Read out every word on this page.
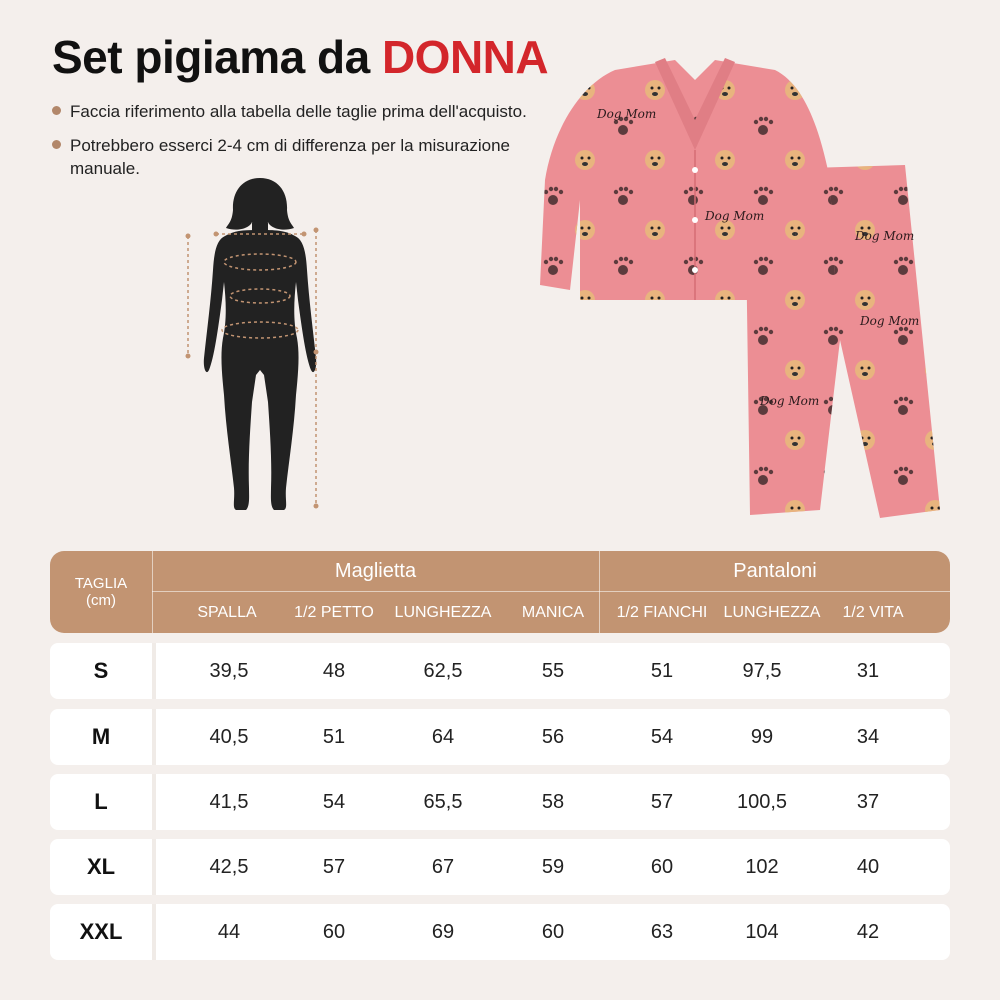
Set pigiama da DONNA
Faccia riferimento alla tabella delle taglie prima dell'acquisto.
Potrebbero esserci 2-4 cm di differenza per la misurazione
manuale.
Dog Mom
Dog Mom
Dog Mom
Dog Mom
Dog Mom
TAGLIA
(cm)
Maglietta	Pantaloni
SPALLA	1/2 PETTO	LUNGHEZZA	MANICA	1/2 FIANCHI	LUNGHEZZA	1/2 VITA
S	39,5	48	62,5	55	51	97,5	31
M	40,5	51	64	56	54	99	34
L	41,5	54	65,5	58	57	100,5	37
XL	42,5	57	67	59	60	102	40
XXL	44	60	69	60	63	104	42
